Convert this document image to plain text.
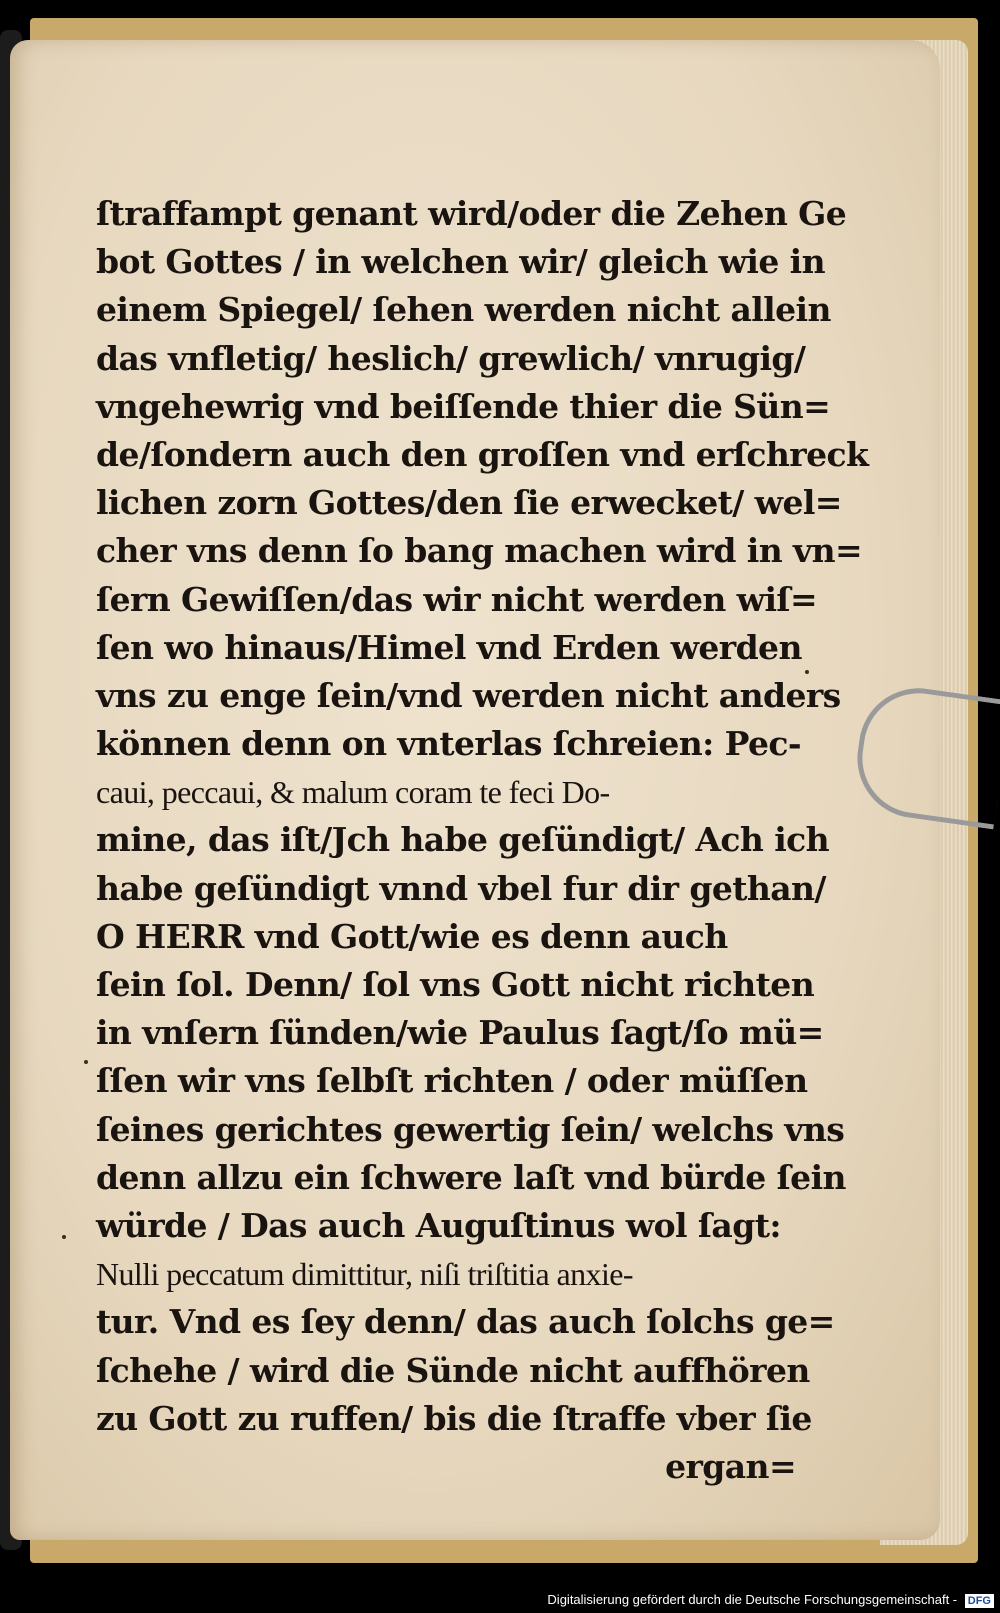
ſtraffampt genant wird/oder die Zehen Ge
bot Gottes / in welchen wir/ gleich wie in
einem Spiegel/ ſehen werden nicht allein
das vnfletig/ heslich/ grewlich/ vnrugig/
vngehewrig vnd beiſſende thier die Sün=
de/ſondern auch den groſſen vnd erſchreck
lichen zorn Gottes/den ſie erwecket/ wel=
cher vns denn ſo bang machen wird in vn=
ſern Gewiſſen/das wir nicht werden wiſ=
ſen wo hinaus/Himel vnd Erden werden
vns zu enge ſein/vnd werden nicht anders
können denn on vnterlas ſchreien: Pec-
caui, peccaui, & malum coram te feci Do-
mine, das iſt/Jch habe geſündigt/ Ach ich
habe geſündigt vnnd vbel fur dir gethan/
O HERR vnd Gott/wie es denn auch
ſein ſol. Denn/ ſol vns Gott nicht richten
in vnſern ſünden/wie Paulus ſagt/ſo mü=
ſſen wir vns ſelbſt richten / oder müſſen
ſeines gerichtes gewertig ſein/ welchs vns
denn allzu ein ſchwere laſt vnd bürde ſein
würde / Das auch Auguſtinus wol ſagt:
Nulli peccatum dimittitur, niſi triſtitia anxie-
tur. Vnd es ſey denn/ das auch ſolchs ge=
ſchehe / wird die Sünde nicht auffhören
zu Gott zu ruffen/ bis die ſtraffe vber ſie
ergan=
Digitalisierung gefördert durch die Deutsche Forschungsgemeinschaft - DFG
